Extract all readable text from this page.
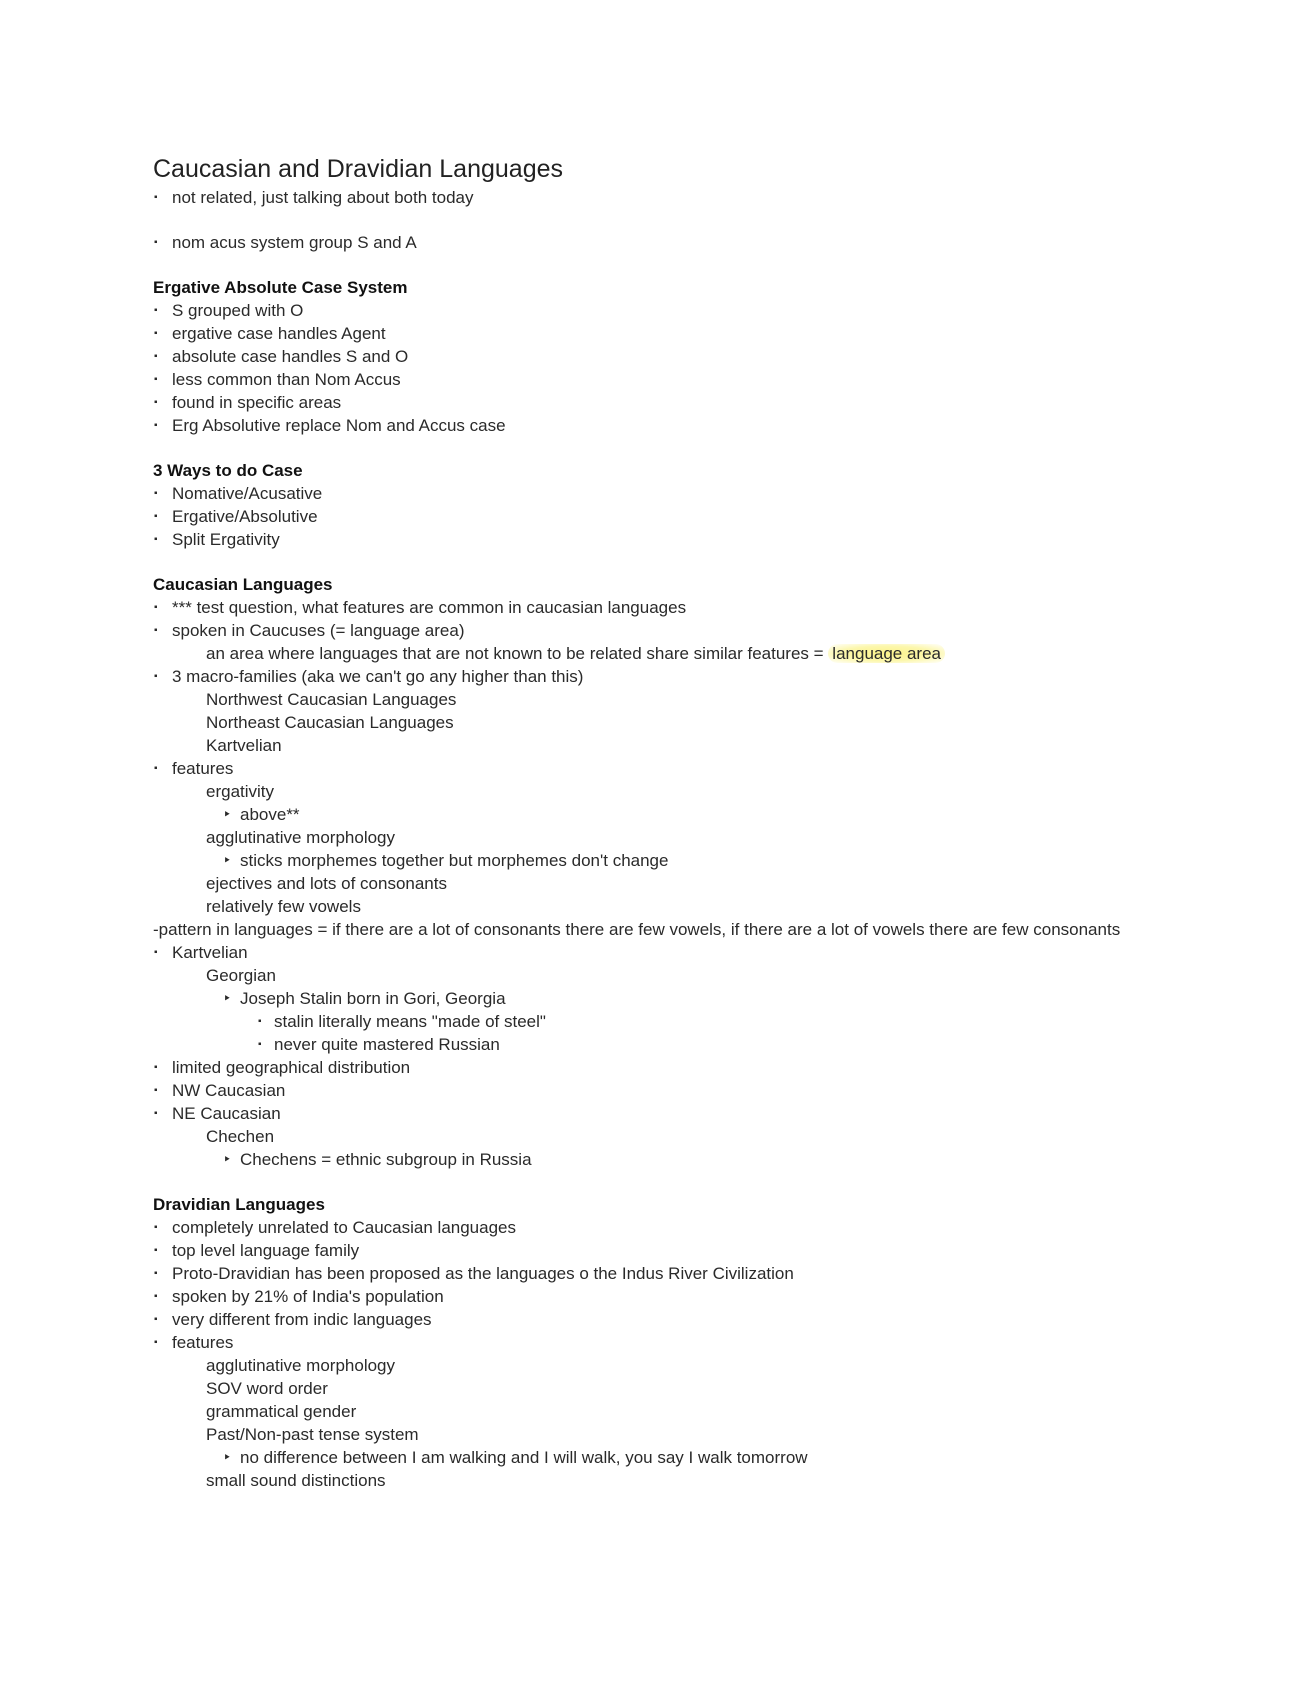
Caucasian and Dravidian Languages
▪ not related, just talking about both today
▪ nom acus system group S and A
Ergative Absolute Case System
▪ S grouped with O
▪ ergative case handles Agent
▪ absolute case handles S and O
▪ less common than Nom Accus
▪ found in specific areas
▪ Erg Absolutive replace Nom and Accus case
3 Ways to do Case
▪ Nomative/Acusative
▪ Ergative/Absolutive
▪ Split Ergativity
Caucasian Languages
▪ *** test question, what features are common in caucasian languages
▪ spoken in Caucuses (= language area)
an area where languages that are not known to be related share similar features = language area
▪ 3 macro-families (aka we can't go any higher than this)
Northwest Caucasian Languages
Northeast Caucasian Languages
Kartvelian
▪ features
ergativity
‣ above**
agglutinative morphology
‣ sticks morphemes together but morphemes don't change
ejectives and lots of consonants
relatively few vowels
-pattern in languages = if there are a lot of consonants there are few vowels, if there are a lot of vowels there are few consonants
▪ Kartvelian
Georgian
‣ Joseph Stalin born in Gori, Georgia
▪ stalin literally means "made of steel"
▪ never quite mastered Russian
▪ limited geographical distribution
▪ NW Caucasian
▪ NE Caucasian
Chechen
‣ Chechens = ethnic subgroup in Russia
Dravidian Languages
▪ completely unrelated to Caucasian languages
▪ top level language family
▪ Proto-Dravidian has been proposed as the languages o the Indus River Civilization
▪ spoken by 21% of India's population
▪ very different from indic languages
▪ features
agglutinative morphology
SOV word order
grammatical gender
Past/Non-past tense system
‣ no difference between I am walking and I will walk, you say I walk tomorrow
small sound distinctions
